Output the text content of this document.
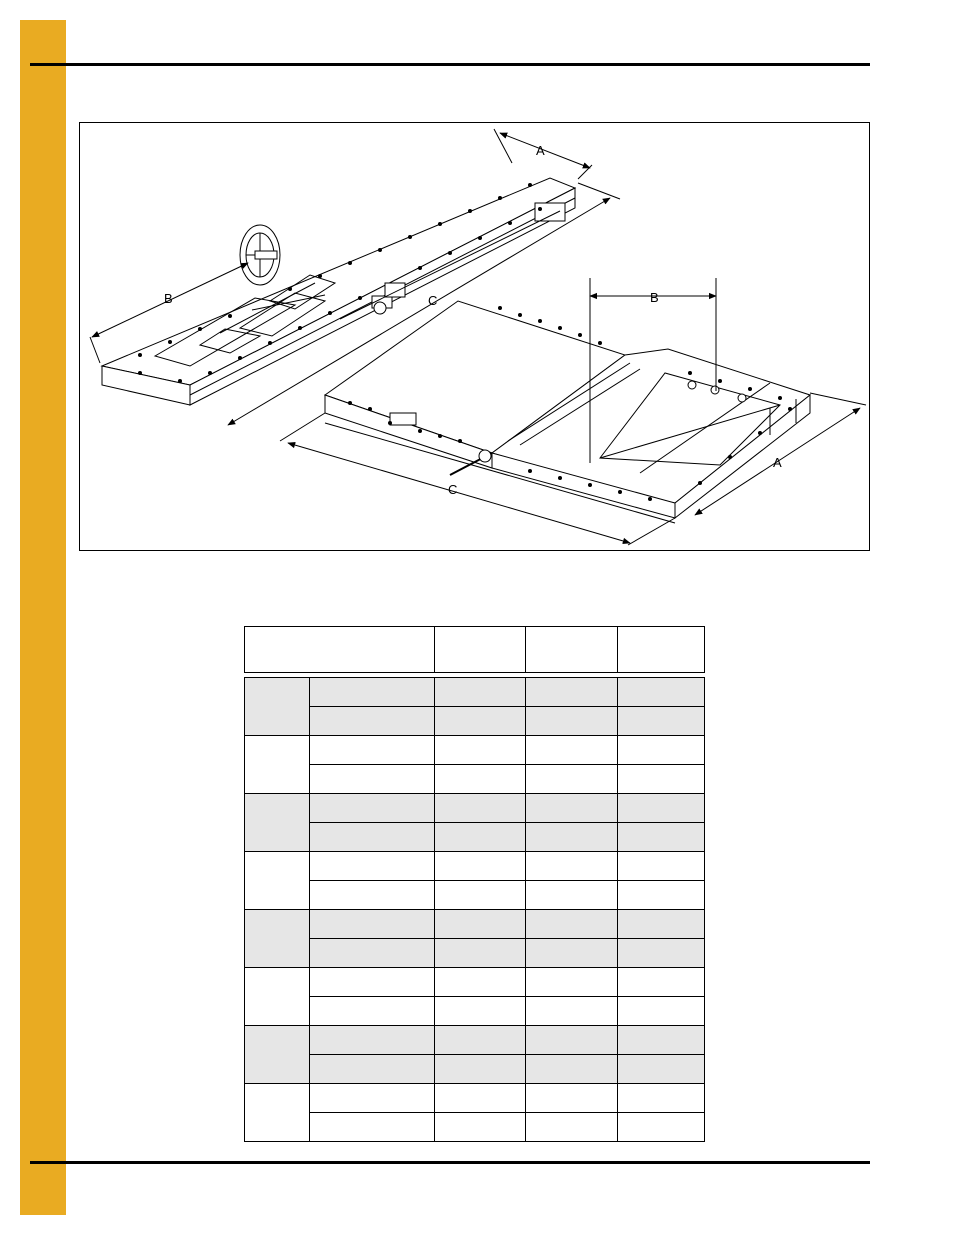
A
B	C	B
A
C
